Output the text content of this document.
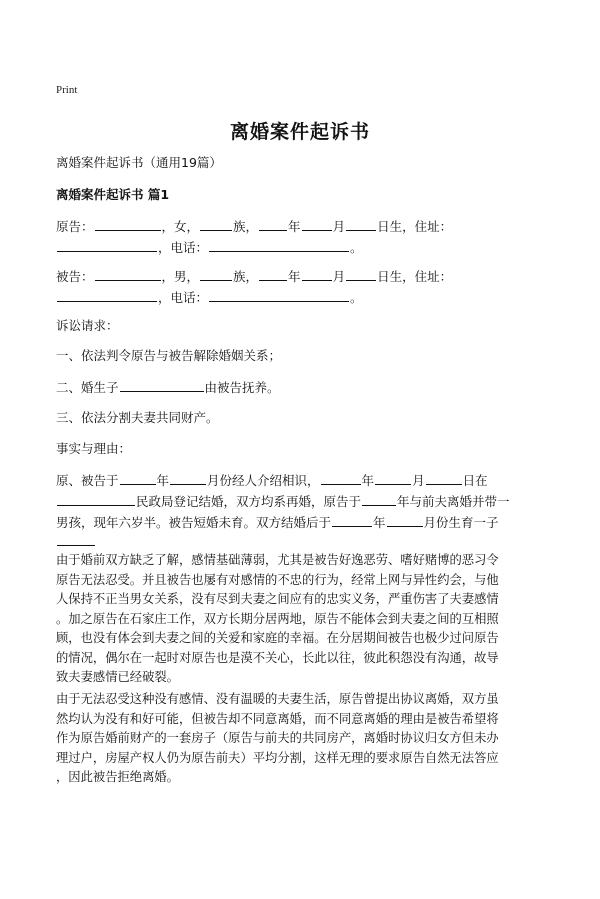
Print
离婚案件起诉书
离婚案件起诉书（通用19篇）
离婚案件起诉书 篇1
原告：	，女，	族， 年	月	日生，住址：
，电话：	。
被告：	，男，	族， 年	月	日生，住址：
，电话：	。
诉讼请求：
一、依法判令原告与被告解除婚姻关系；
二、婚生子	由被告抚养。
三、依法分割夫妻共同财产。
事实与理由：
原、被告于	年	月份经人介绍相识，	年	月	日在
民政局登记结婚，双方均系再婚，原告于	年与前夫离婚并带一
男孩，现年六岁半。被告短婚未育。双方结婚后于	年	月份生育一子
由于婚前双方缺乏了解，感情基础薄弱，尤其是被告好逸恶劳、嗜好赌博的恶习令
原告无法忍受。并且被告也屡有对感情的不忠的行为，经常上网与异性约会，与他
人保持不正当男女关系，没有尽到夫妻之间应有的忠实义务，严重伤害了夫妻感情
。加之原告在石家庄工作，双方长期分居两地，原告不能体会到夫妻之间的互相照
顾，也没有体会到夫妻之间的关爱和家庭的幸福。在分居期间被告也极少过问原告
的情况，偶尔在一起时对原告也是漠不关心，长此以往，彼此积怨没有沟通，故导
致夫妻感情已经破裂。
由于无法忍受这种没有感情、没有温暖的夫妻生活，原告曾提出协议离婚，双方虽
然均认为没有和好可能，但被告却不同意离婚，而不同意离婚的理由是被告希望将
作为原告婚前财产的一套房子（原告与前夫的共同房产，离婚时协议归女方但未办
理过户，房屋产权人仍为原告前夫）平均分割，这样无理的要求原告自然无法答应
，因此被告拒绝离婚。
